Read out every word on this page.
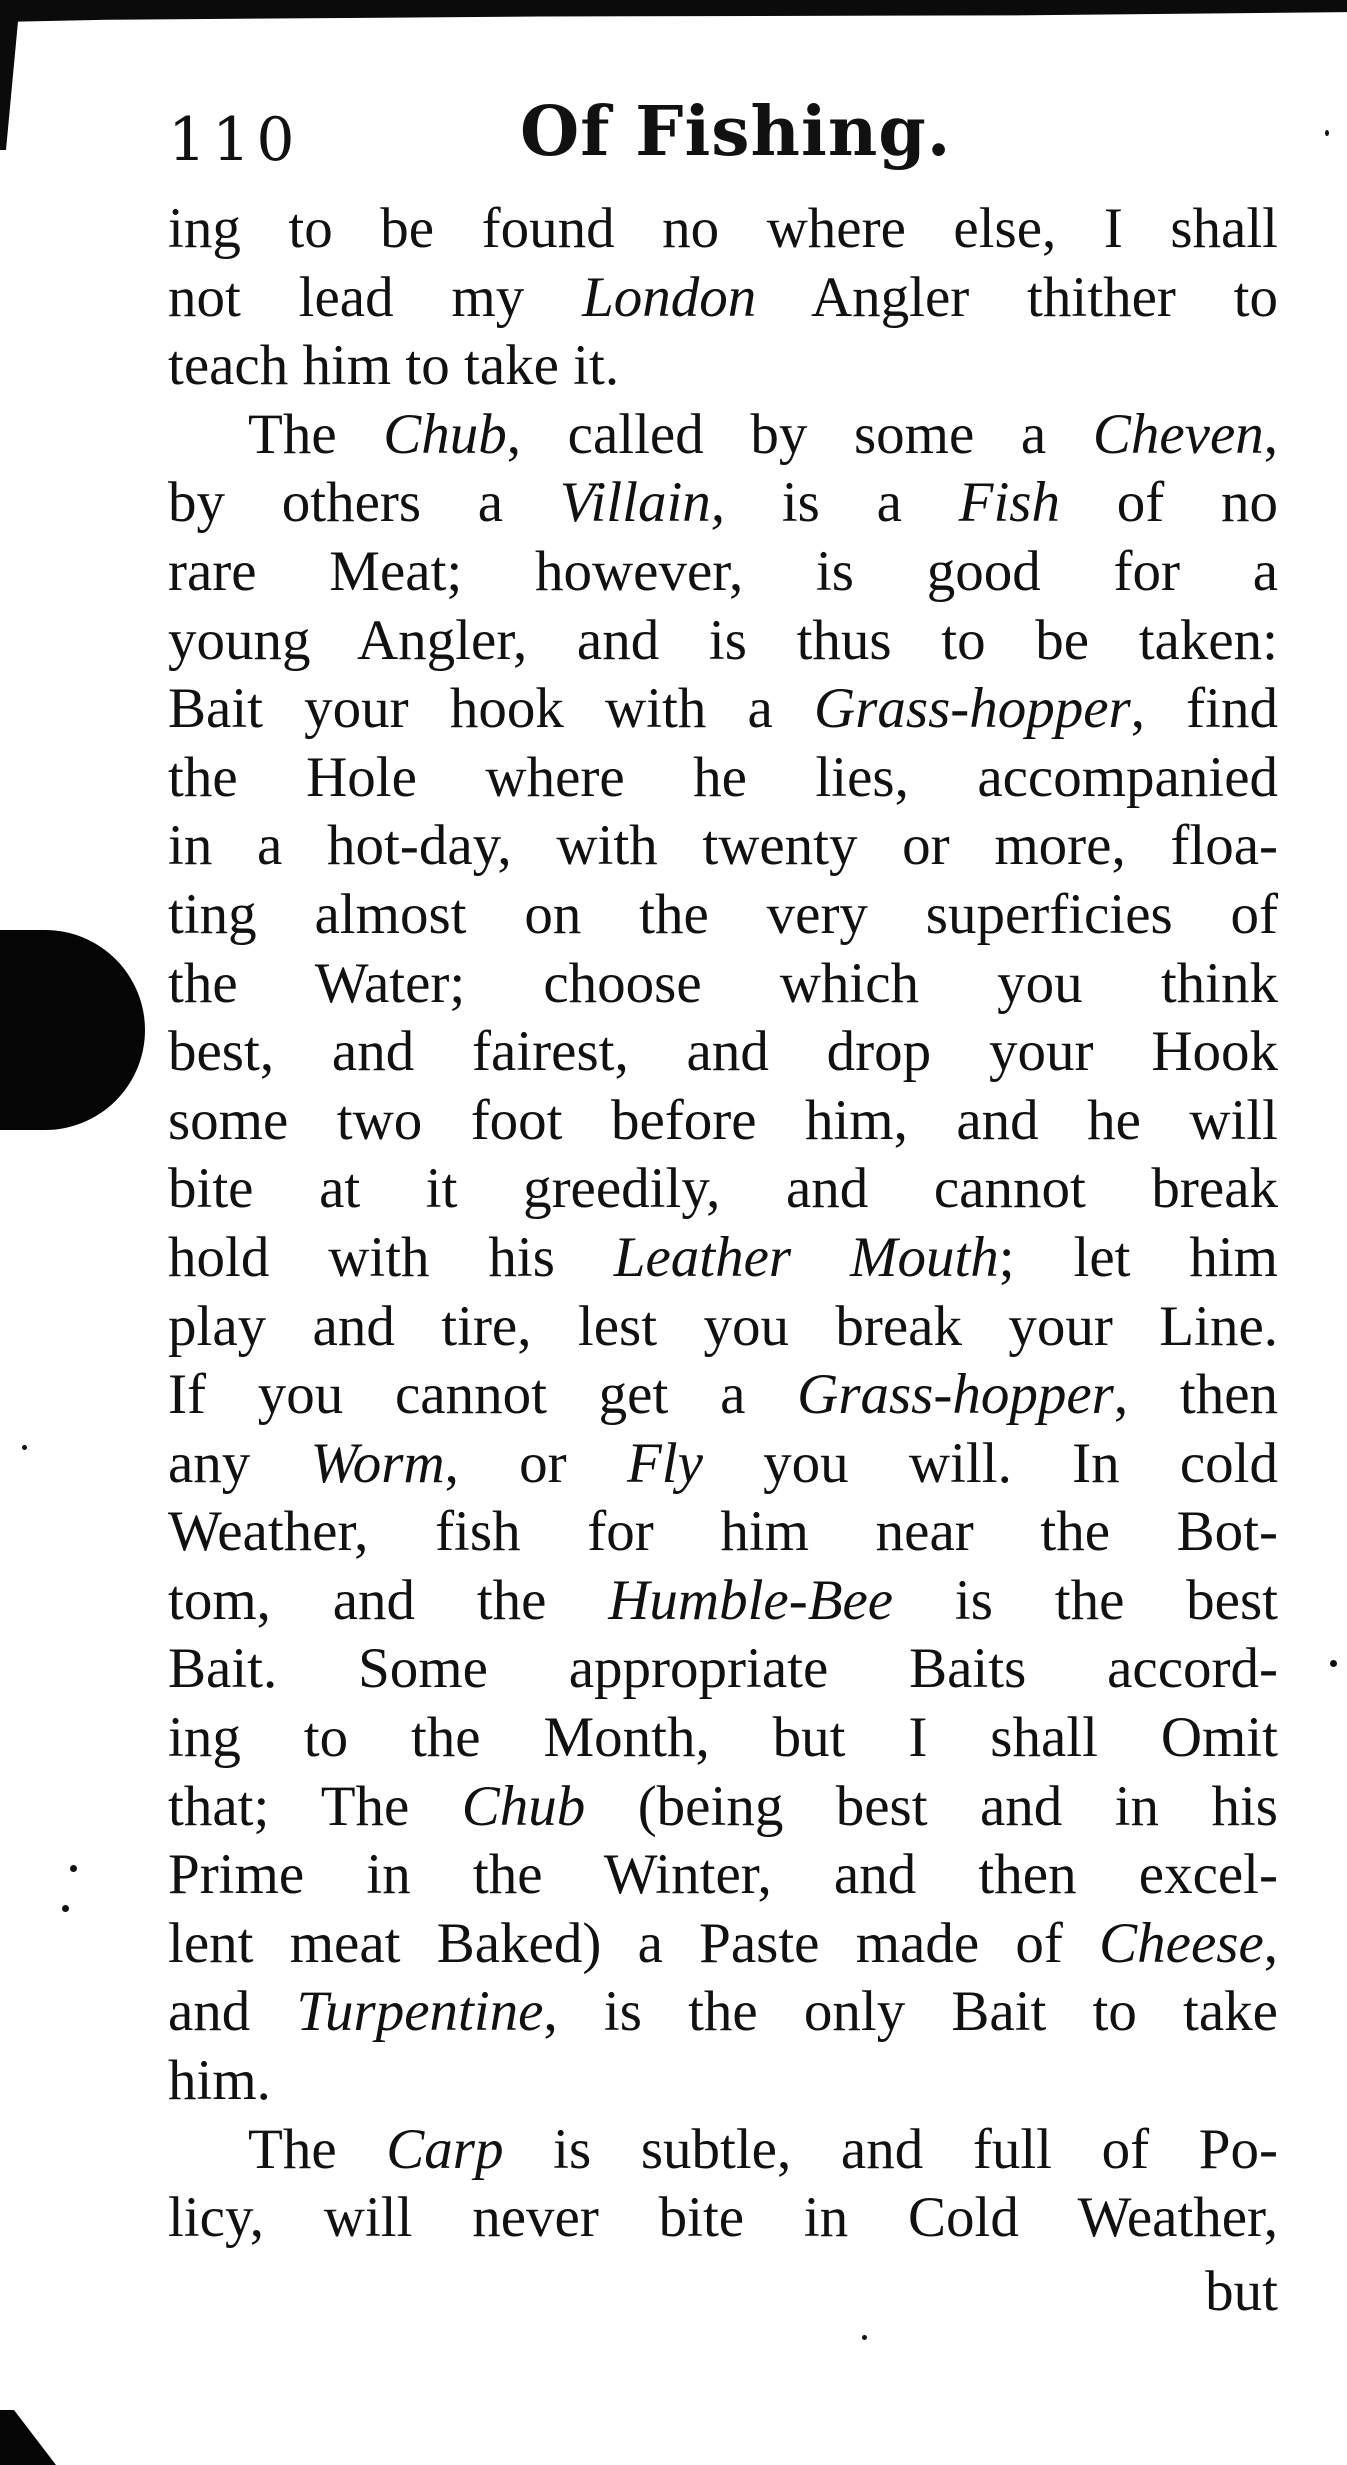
110	Of Fishing.
ing to be found no where else, I shall
not lead my London Angler thither to
teach him to take it.
The Chub, called by some a Cheven,
by others a Villain, is a Fish of no
rare Meat; however, is good for a
young Angler, and is thus to be taken:
Bait your hook with a Grass-hopper, find
the Hole where he lies, accompanied
in a hot-day, with twenty or more, floa-
ting almost on the very superficies of
the Water; choose which you think
best, and fairest, and drop your Hook
some two foot before him, and he will
bite at it greedily, and cannot break
hold with his Leather Mouth; let him
play and tire, lest you break your Line.
If you cannot get a Grass-hopper, then
any Worm, or Fly you will. In cold
Weather, fish for him near the Bot-
tom, and the Humble-Bee is the best
Bait. Some appropriate Baits accord-
ing to the Month, but I shall Omit
that; The Chub (being best and in his
Prime in the Winter, and then excel-
lent meat Baked) a Paste made of Cheese,
and Turpentine, is the only Bait to take
him.
The Carp is subtle, and full of Po-
licy, will never bite in Cold Weather,
but
